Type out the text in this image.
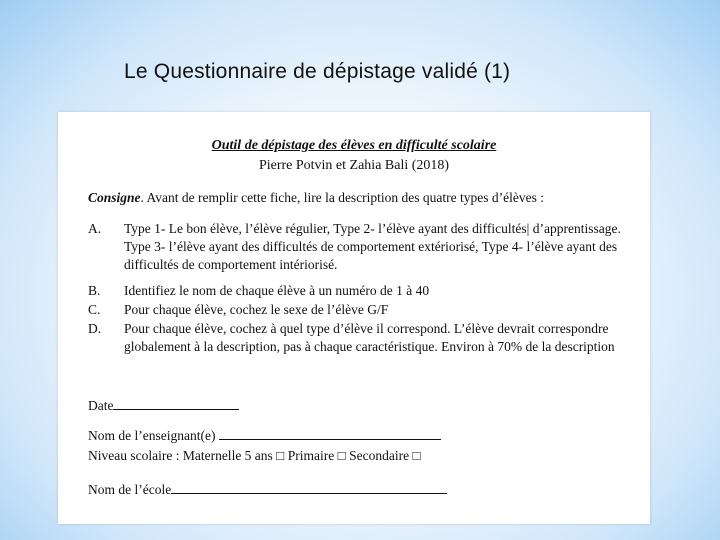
Le Questionnaire de dépistage validé (1)
Outil de dépistage des élèves en difficulté scolaire
Pierre Potvin et Zahia Bali (2018)
Consigne. Avant de remplir cette fiche, lire la description des quatre types d’élèves :
A.	Type 1- Le bon élève, l’élève régulier, Type 2- l’élève ayant des difficultés| d’apprentissage. Type 3- l’élève ayant des difficultés de comportement extériorisé, Type 4- l’élève ayant des difficultés de comportement intériorisé.
B.	Identifiez le nom de chaque élève à un numéro de 1 à 40
C.	Pour chaque élève, cochez le sexe de l’élève G/F
D.	Pour chaque élève, cochez à quel type d’élève il correspond. L’élève devrait correspondre globalement à la description, pas à chaque caractéristique. Environ à 70% de la description
Date
Nom de l’enseignant(e)
Niveau scolaire : Maternelle 5 ans □ Primaire □ Secondaire □
Nom de l’école
